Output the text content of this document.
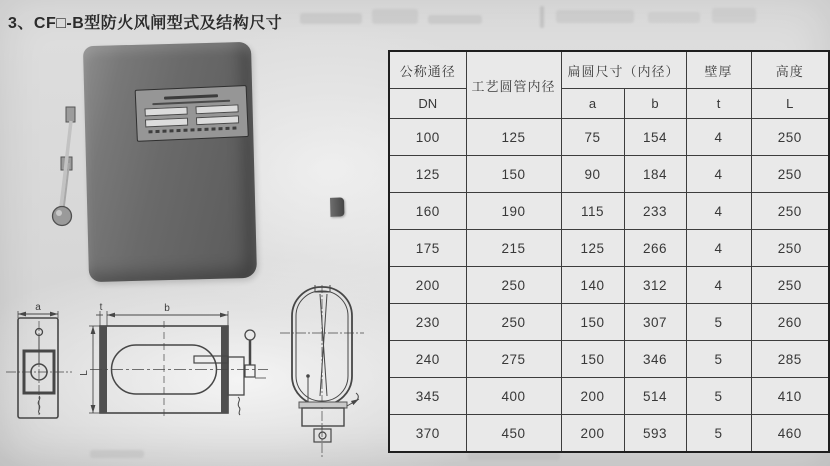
3、CF□-B型防火风闸型式及结构尺寸
a	t	b
L
公称通径	工艺圆管内径	扁圆尺寸（内径）		壁厚	高度
DN		a	b	t	L
100	125	75	154	4	250
125	150	90	184	4	250
160	190	115	233	4	250
175	215	125	266	4	250
200	250	140	312	4	250
230	250	150	307	5	260
240	275	150	346	5	285
345	400	200	514	5	410
370	450	200	593	5	460
